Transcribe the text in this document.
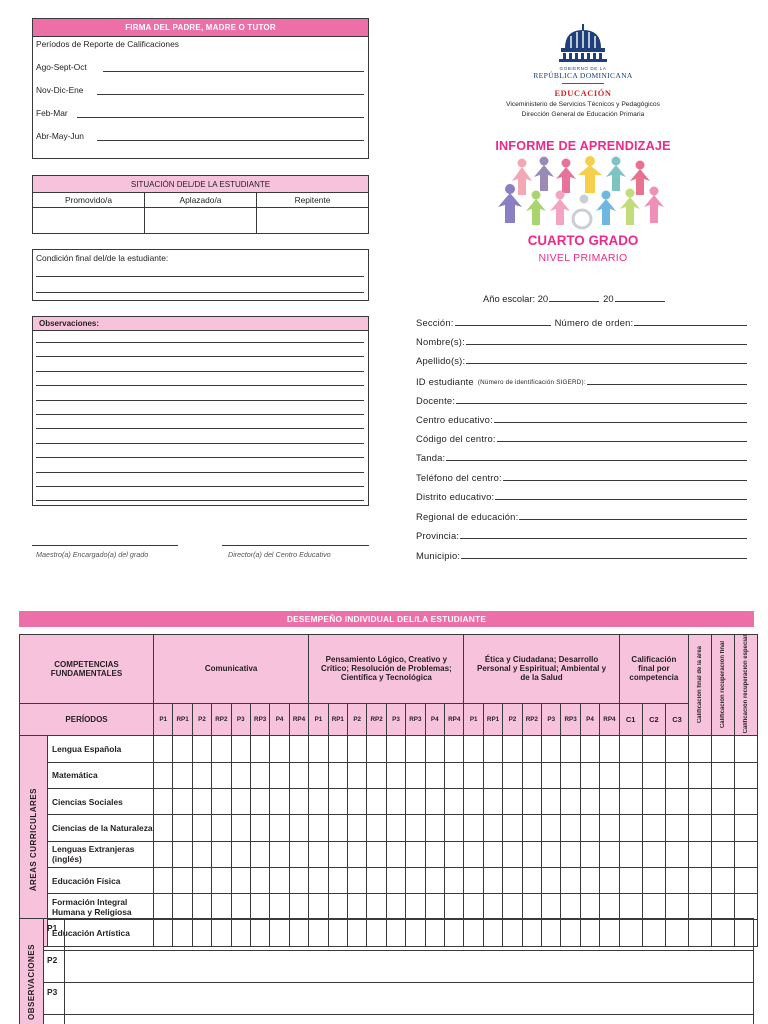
FIRMA DEL PADRE, MADRE O TUTOR
Períodos de Reporte de Calificaciones
Ago-Sept-Oct
Nov-Dic-Ene
Feb-Mar
Abr-May-Jun
SITUACIÓN DEL/DE LA ESTUDIANTE
Promovido/a	Aplazado/a	Repitente
Condición final del/de la estudiante:
Observaciones:
Maestro(a) Encargado(a) del grado	Director(a) del Centro Educativo
GOBIERNO DE LA
REPÚBLICA DOMINICANA
EDUCACIÓN
Viceministerio de Servicios Técnicos y Pedagógicos
Dirección General de Educación Primaria
INFORME DE APRENDIZAJE
CUARTO GRADO
NIVEL PRIMARIO
Año escolar: 20	20
Sección:	Número de orden:
Nombre(s):
Apellido(s):
ID estudiante (Número de identificación SIGERD):
Docente:
Centro educativo:
Código del centro:
Tanda:
Teléfono del centro:
Distrito educativo:
Regional de educación:
Provincia:
Municipio:
DESEMPEÑO INDIVIDUAL DEL/LA ESTUDIANTE
COMPETENCIAS FUNDAMENTALES		Comunicativa								Pensamiento Lógico, Creativo y Crítico; Resolución de Problemas; Científica y Tecnológica								Ética y Ciudadana; Desarrollo Personal y Espiritual; Ambiental y de la Salud								Calificación final por competencia			Calificación final de la área	Calificación recuperación final	Calificación recuperación especial
PERÍODOS		P1	RP1	P2	RP2	P3	RP3	P4	RP4	P1	RP1	P2	RP2	P3	RP3	P4	RP4	P1	RP1	P2	RP2	P3	RP3	P4	RP4	C1	C2	C3			
ÁREAS CURRICULARES	Lengua Española																														
	Matemática																														
	Ciencias Sociales																														
	Ciencias de la Naturaleza																														
	Lenguas Extranjeras (inglés)																														
	Educación Física																														
	Formación Integral Humana y Religiosa																														
	Educación Artística																														
OBSERVACIONES	P1	
	P2	
	P3	
